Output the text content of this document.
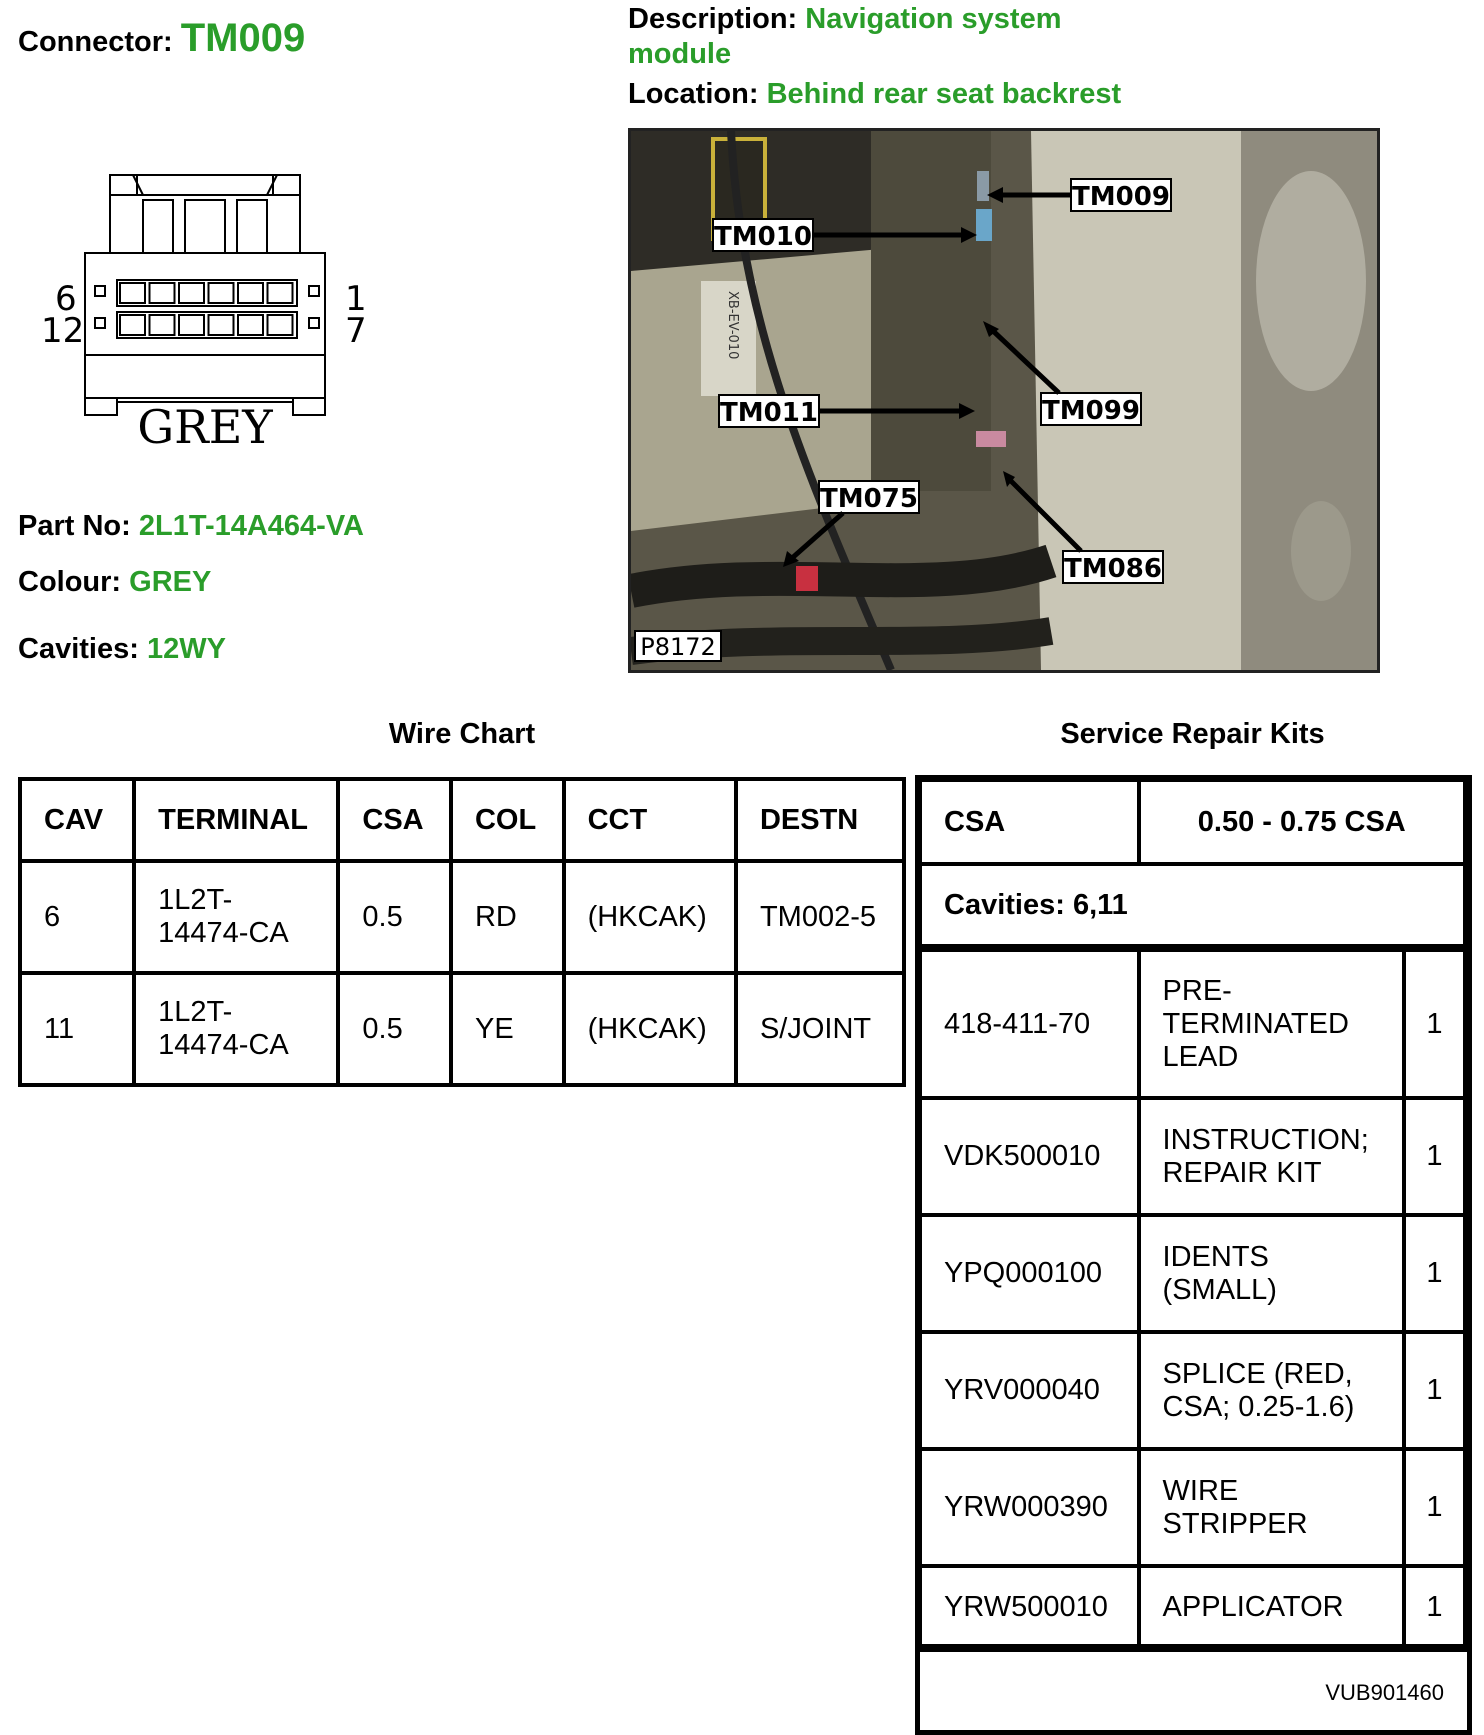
Connector: TM009	Description: Navigation system module
Location: Behind rear seat backrest
6
12
1
7
GREY
Part No: 2L1T-14A464-VA
Colour: GREY
Cavities: 12WY
XB-EV-010
TM009
TM010
TM099
TM011
TM075
TM086
P8172
Wire Chart	Service Repair Kits
CAV	TERMINAL	CSA	COL	CCT	DESTN
6	1L2T-14474-CA	0.5	RD	(HKCAK)	TM002-5
11	1L2T-14474-CA	0.5	YE	(HKCAK)	S/JOINT
CSA	0.50 - 0.75 CSA	
Cavities: 6,11		
418-411-70	PRE-TERMINATED LEAD	1
VDK500010	INSTRUCTION; REPAIR KIT	1
YPQ000100	IDENTS (SMALL)	1
YRV000040	SPLICE (RED, CSA; 0.25-1.6)	1
YRW000390	WIRE STRIPPER	1
YRW500010	APPLICATOR	1
VUB901460
